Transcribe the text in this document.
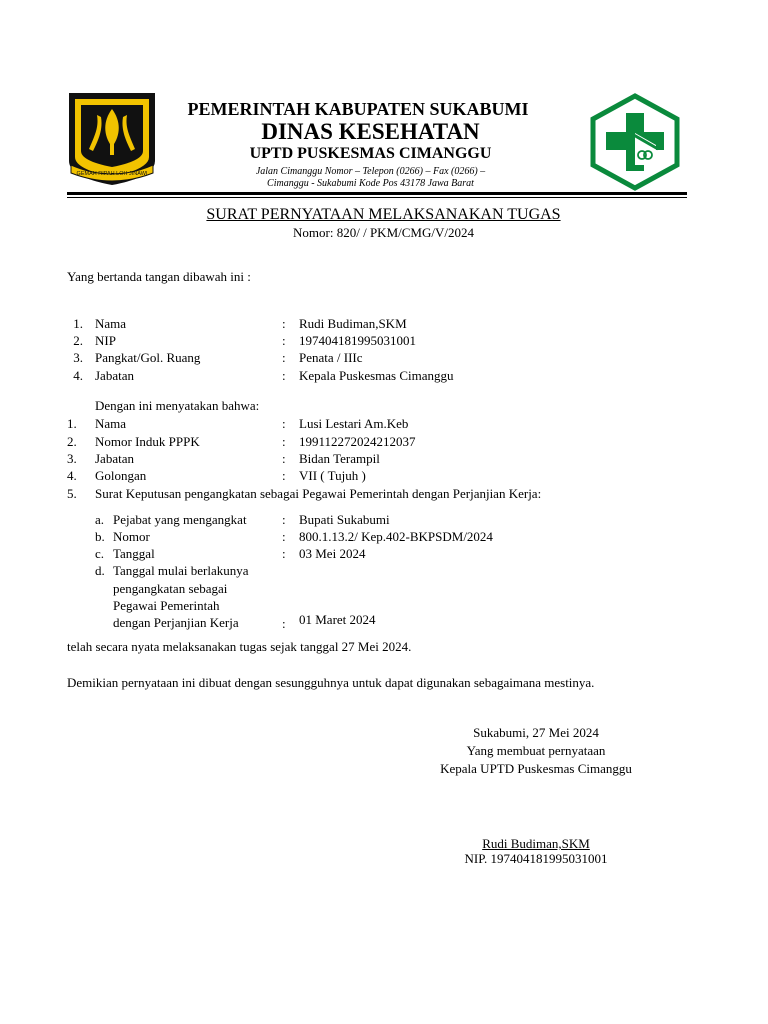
GEMAH RIPAH LOH JINAWI
PEMERINTAH KABUPATEN SUKABUMI
DINAS KESEHATAN
UPTD PUSKESMAS CIMANGGU
Jalan Cimanggu Nomor – Telepon (0266) – Fax (0266) –
Cimanggu - Sukabumi Kode Pos 43178 Jawa Barat
SURAT PERNYATAAN MELAKSANAKAN TUGAS
Nomor: 820/ / PKM/CMG/V/2024
Yang bertanda tangan dibawah ini :
1. Nama	: Rudi Budiman,SKM
2. NIP	: 197404181995031001
3. Pangkat/Gol. Ruang	: Penata / IIIc
4. Jabatan	: Kepala Puskesmas Cimanggu
Dengan ini menyatakan bahwa:
1. Nama	: Lusi Lestari Am.Keb
2. Nomor Induk PPPK	: 199112272024212037
3. Jabatan	: Bidan Terampil
4. Golongan	: VII ( Tujuh )
5. Surat Keputusan pengangkatan sebagai Pegawai Pemerintah dengan Perjanjian Kerja:
a. Pejabat yang mengangkat	: Bupati Sukabumi
b. Nomor	: 800.1.13.2/ Kep.402-BKPSDM/2024
c. Tanggal	: 03 Mei 2024
d. Tanggal mulai berlakunya
pengangkatan sebagai
Pegawai Pemerintah
dengan Perjanjian Kerja	: 01 Maret 2024
telah secara nyata melaksanakan tugas sejak tanggal 27 Mei 2024.
Demikian pernyataan ini dibuat dengan sesungguhnya untuk dapat digunakan sebagaimana mestinya.
Sukabumi, 27 Mei 2024
Yang membuat pernyataan
Kepala UPTD Puskesmas Cimanggu
Rudi Budiman,SKM
NIP. 197404181995031001
